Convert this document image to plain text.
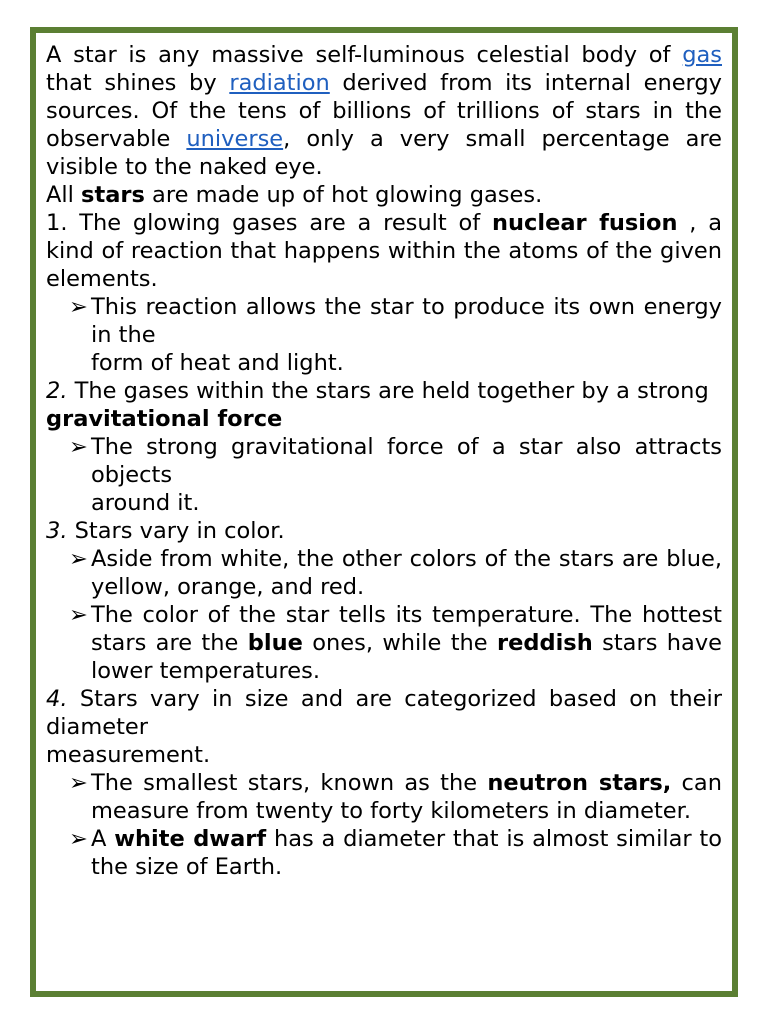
A star is any massive self-luminous celestial body of gas that shines by radiation derived from its internal energy sources. Of the tens of billions of trillions of stars in the observable universe, only a very small percentage are visible to the naked eye.

All stars are made up of hot glowing gases.

1. The glowing gases are a result of nuclear fusion , a kind of reaction that happens within the atoms of the given elements.

➢ This reaction allows the star to produce its own energy in the
form of heat and light.

2. The gases within the stars are held together by a strong

gravitational force

➢ The strong gravitational force of a star also attracts objects
around it.

3. Stars vary in color.

➢ Aside from white, the other colors of the stars are blue, yellow, orange, and red.
➢ The color of the star tells its temperature. The hottest stars are the blue ones, while the reddish stars have lower temperatures.

4. Stars vary in size and are categorized based on their diameter

measurement.

➢ The smallest stars, known as the neutron stars, can measure from twenty to forty kilometers in diameter.
➢ A white dwarf has a diameter that is almost similar to the size of Earth.
